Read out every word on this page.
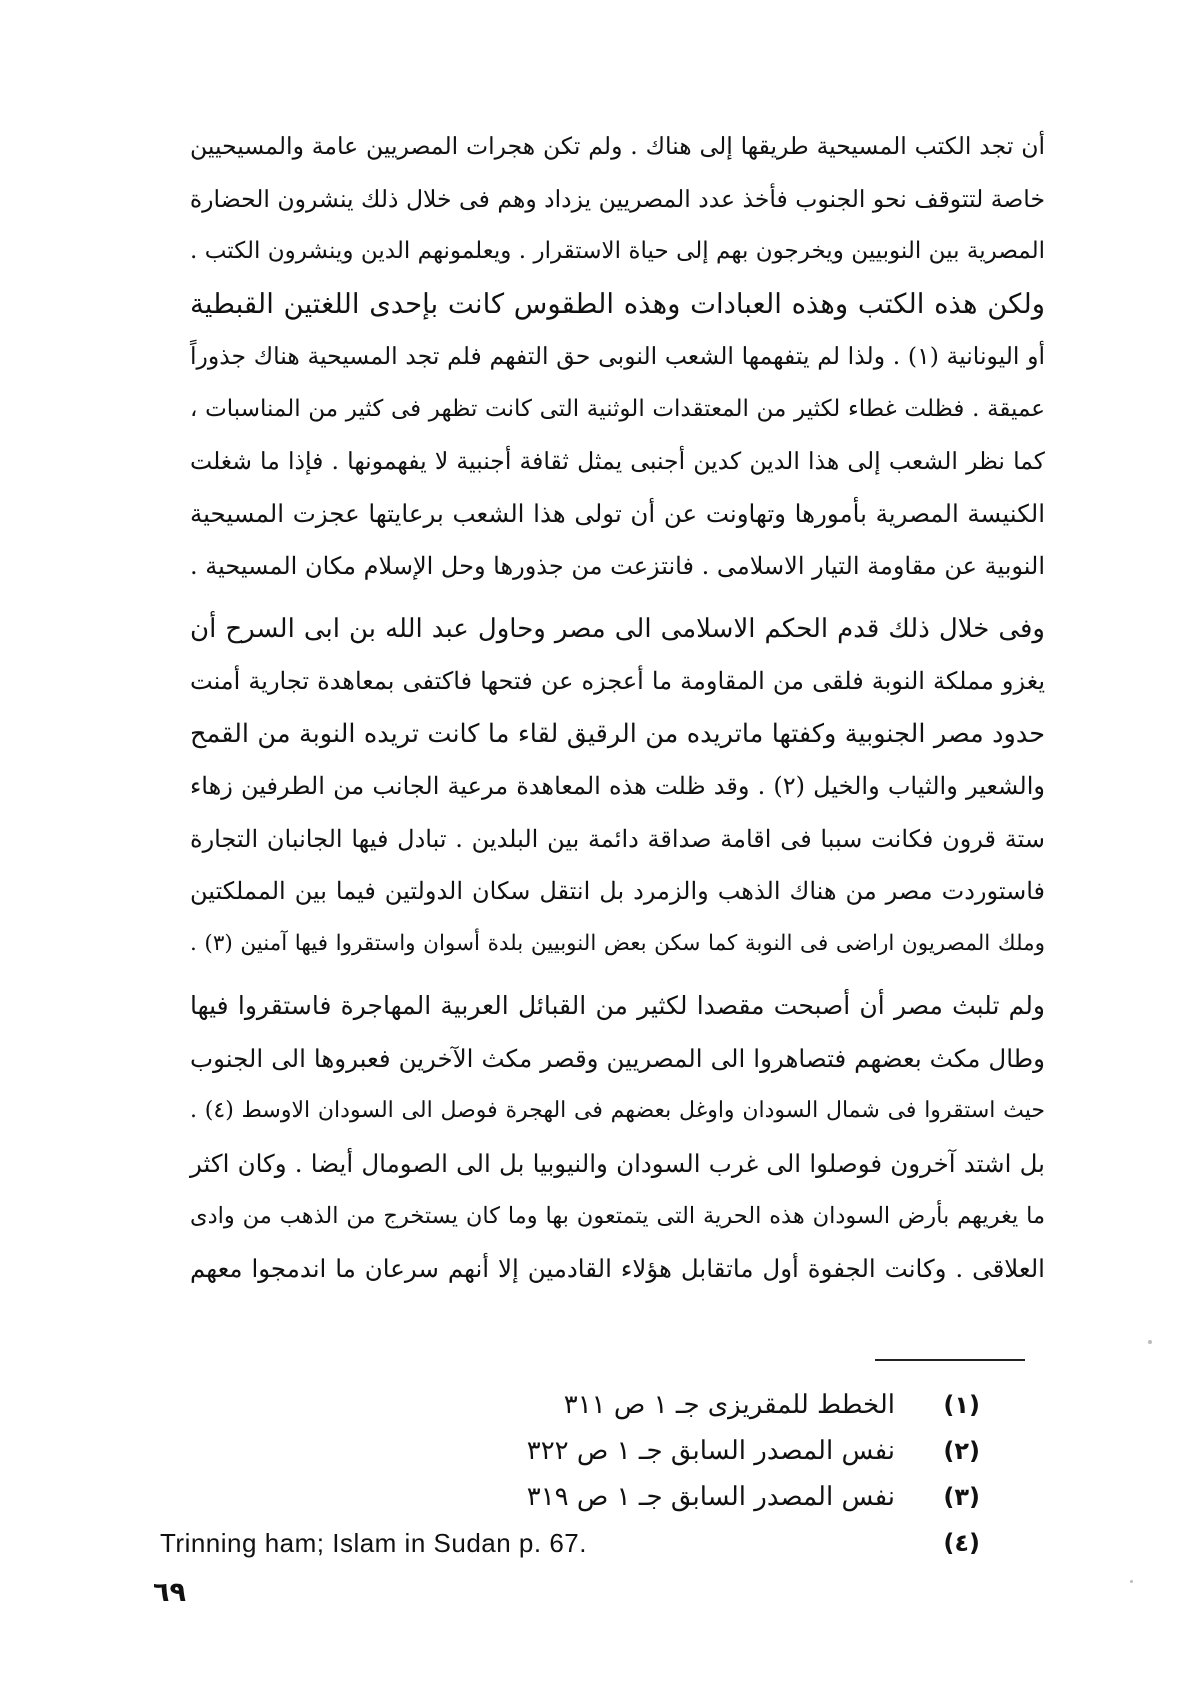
أن تجد الكتب المسيحية طريقها إلى هناك . ولم تكن هجرات المصريين عامة والمسيحيين
خاصة لتتوقف نحو الجنوب فأخذ عدد المصريين يزداد وهم فى خلال ذلك ينشرون الحضارة
المصرية بين النوبيين ويخرجون بهم إلى حياة الاستقرار . ويعلمونهم الدين وينشرون الكتب .
ولكن هذه الكتب وهذه العبادات وهذه الطقوس كانت بإحدى اللغتين القبطية
أو اليونانية (١) . ولذا لم يتفهمها الشعب النوبى حق التفهم فلم تجد المسيحية هناك جذوراً
عميقة . فظلت غطاء لكثير من المعتقدات الوثنية التى كانت تظهر فى كثير من المناسبات ،
كما نظر الشعب إلى هذا الدين كدين أجنبى يمثل ثقافة أجنبية لا يفهمونها . فإذا ما شغلت
الكنيسة المصرية بأمورها وتهاونت عن أن تولى هذا الشعب برعايتها عجزت المسيحية
النوبية عن مقاومة التيار الاسلامى . فانتزعت من جذورها وحل الإسلام مكان المسيحية .
وفى خلال ذلك قدم الحكم الاسلامى الى مصر وحاول عبد الله بن ابى السرح أن
يغزو مملكة النوبة فلقى من المقاومة ما أعجزه عن فتحها فاكتفى بمعاهدة تجارية أمنت
حدود مصر الجنوبية وكفتها ماتريده من الرقيق لقاء ما كانت تريده النوبة من القمح
والشعير والثياب والخيل (٢) . وقد ظلت هذه المعاهدة مرعية الجانب من الطرفين زهاء
ستة قرون فكانت سببا فى اقامة صداقة دائمة بين البلدين . تبادل فيها الجانبان التجارة
فاستوردت مصر من هناك الذهب والزمرد بل انتقل سكان الدولتين فيما بين المملكتين
وملك المصريون اراضى فى النوبة كما سكن بعض النوبيين بلدة أسوان واستقروا فيها آمنين (٣) .
ولم تلبث مصر أن أصبحت مقصدا لكثير من القبائل العربية المهاجرة فاستقروا فيها
وطال مكث بعضهم فتصاهروا الى المصريين وقصر مكث الآخرين فعبروها الى الجنوب
حيث استقروا فى شمال السودان واوغل بعضهم فى الهجرة فوصل الى السودان الاوسط (٤) .
بل اشتد آخرون فوصلوا الى غرب السودان والنيوبيا بل الى الصومال أيضا . وكان اكثر
ما يغريهم بأرض السودان هذه الحرية التى يتمتعون بها وما كان يستخرج من الذهب من وادى
العلاقى . وكانت الجفوة أول ماتقابل هؤلاء القادمين إلا أنهم سرعان ما اندمجوا معهم
(١)
الخطط للمقريزى جـ ١ ص ٣١١
(٢)
نفس المصدر السابق جـ ١ ص ٣٢٢
(٣)
نفس المصدر السابق جـ ١ ص ٣١٩
(٤)
Trinning ham; Islam in Sudan p. 67.
٦٩
